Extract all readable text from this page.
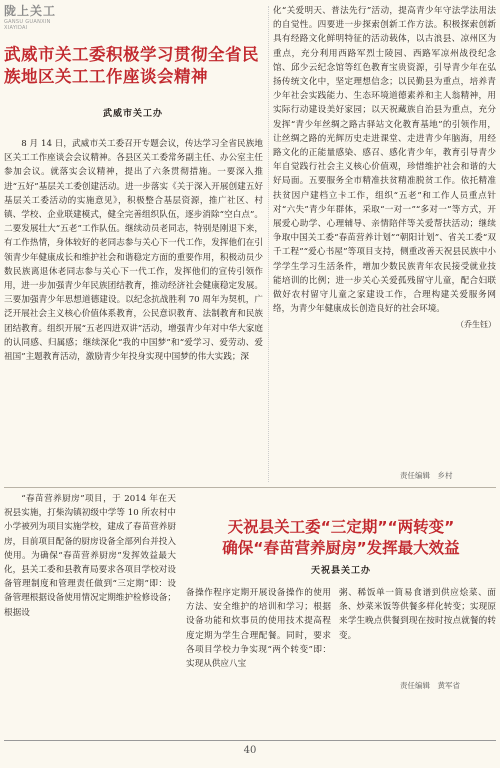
陇上关工
GANSU GUANXIN
XIAYIDAI
武威市关工委积极学习贯彻全省民族地区关工工作座谈会精神
武威市关工办

8 月 14 日，武威市关工委召开专题会议，传达学习全省民族地区关工工作座谈会会议精神。各县区关工委常务副主任、办公室主任参加会议。就落实会议精神，提出了六条贯彻措施。一要深入推进“五好”基层关工委创建活动。进一步落实《关于深入开展创建五好基层关工委活动的实施意见》，积极整合基层资源，推广社区、村镇、学校、企业联建模式，健全完善组织队伍，逐步消除“空白点”。二要发展壮大“五老”工作队伍。继续动员老同志，特别是刚退下来，有工作热情，身体较好的老同志参与关心下一代工作，发挥他们在引领青少年健康成长和维护社会和谐稳定方面的重要作用，积极动员少数民族离退休老同志参与关心下一代工作，发挥他们的宣传引领作用，进一步加强青少年民族团结教育，推动经济社会健康稳定发展。三要加强青少年思想道德建设。以纪念抗战胜利 70 周年为契机，广泛开展社会主义核心价值体系教育，公民意识教育、法制教育和民族团结教育。组织开展“五老四进双讲”活动，增强青少年对中华大家庭的认同感、归属感；继续深化“我的中国梦”和“爱学习、爱劳动、爱祖国”主题教育活动，激励青少年投身实现中国梦的伟大实践；深

化“关爱明天、普法先行”活动，提高青少年守法学法用法的自觉性。四要进一步探索创新工作方法。积极探索创新具有经路文化鲜明特征的活动载体，以古浪县、凉州区为重点，充分利用西路军烈士陵园、西路军凉州战役纪念馆、邱少云纪念馆等红色教育宝贵资源，引导青少年在弘扬传统文化中，坚定理想信念；以民勤县为重点，培养青少年社会实践能力、生态环境道德素养和主人翁精神，用实际行动建设美好家园；以天祝藏族自治县为重点，充分发挥“青少年丝绸之路古驿站文化教育基地”的引领作用，让丝绸之路的光辉历史走进课堂、走进青少年脑海，用经路文化的正能量感染、感召、感化青少年，教育引导青少年自觉践行社会主义核心价值观，珍惜维护社会和谐的大好局面。五要服务全市精准扶贫精准脱贫工作。依托精准扶贫因户建档立卡工作，组织“五老”和工作人员重点针对“六失”青少年群体，采取“一对一”“多对一”等方式，开展爱心助学、心理辅导、亲情陪伴等关爱帮扶活动；继续争取中国关工委“春苗营养计划”“朝阳计划”、省关工委“双千工程”“爱心书屋”等项目支持，侧重改善天祝县民族中小学学生学习生活条件，增加少数民族青年农民接受就业技能培训的比例；进一步关心关爱孤残留守儿童，配合妇联做好农村留守儿童之家建设工作，合理构建关爱服务网络，为青少年健康成长创造良好的社会环境。

（乔生钰）
责任编辑　乡村

“春苗营养厨房”项目，于 2014 年在天祝县实施，打柴沟镇初级中学等 10 所农村中小学被列为项目实施学校，建成了春苗营养厨房，目前项目配备的厨房设备全部列台并投入使用。为确保“春苗营养厨房”发挥效益最大化，县关工委和县教育局要求各项目学校对设备管理制度和管理责任做到“三定期”即：设备管理根据设备使用情况定期维护检修设备；根据设

天祝县关工委“三定期”“两转变”
确保“春苗营养厨房”发挥最大效益
天祝县关工办

备操作程序定期开展设备操作的使用方法、安全维护的培训和学习；根据设备功能和炊事员的使用技术提高程度定期为学生合理配餐。同时，要求各项目学校力争实现“两个转变”即：实现从供应八宝

粥、稀饭单一简易食谱到供应烩菜、面条、炒菜米饭等供餐多样化转变；实现原来学生晚点供餐到现在按时按点就餐的转变。

责任编辑　黄军省
40
